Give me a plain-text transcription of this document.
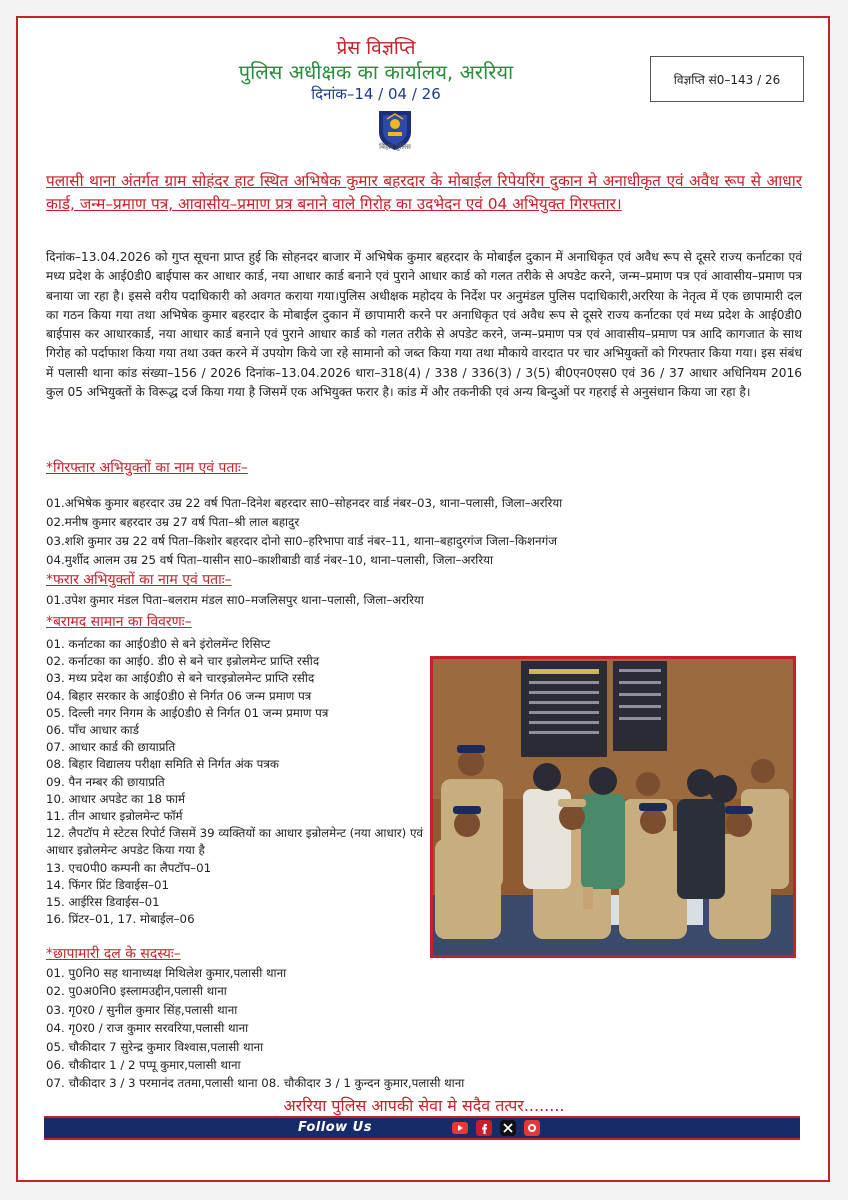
प्रेस विज्ञप्ति
पुलिस अधीक्षक का कार्यालय, अररिया
दिनांक–14 / 04 / 26
विज्ञप्ति सं0–143 / 26
बिहार पुलिस
पलासी थाना अंतर्गत ग्राम सोहंदर हाट स्थित अभिषेक कुमार बहरदार के मोबाईल रिपेयरिंग दुकान मे अनाधीकृत एवं अवैध रूप से आधार कार्ड, जन्म–प्रमाण पत्र, आवासीय–प्रमाण प्रत्र बनाने वाले गिरोह का उदभेदन एवं 04 अभियुक्त गिरफ्तार।
दिनांक–13.04.2026 को गुप्त सूचना प्राप्त हुई कि सोहनदर बाजार में अभिषेक कुमार बहरदार के मोबाईल दुकान में अनाधिकृत एवं अवैध रूप से दूसरे राज्य कर्नाटका एवं मध्य प्रदेश के आई0डी0 बाईपास कर आधार कार्ड, नया आधार कार्ड बनाने एवं पुराने आधार कार्ड को गलत तरीके से अपडेट करने, जन्म–प्रमाण पत्र एवं आवासीय–प्रमाण पत्र बनाया जा रहा है। इससे वरीय पदाधिकारी को अवगत कराया गया।पुलिस अधीक्षक महोदय के निर्देश पर अनुमंडल पुलिस पदाधिकारी,अररिया के नेतृत्व में एक छापामारी दल का गठन किया गया तथा अभिषेक कुमार बहरदार के मोबाईल दुकान में छापामारी करने पर अनाधिकृत एवं अवैध रूप से दूसरे राज्य कर्नाटका एवं मध्य प्रदेश के आई0डी0 बाईपास कर आधारकार्ड, नया आधार कार्ड बनाने एवं पुराने आधार कार्ड को गलत तरीके से अपडेट करने, जन्म–प्रमाण पत्र एवं आवासीय–प्रमाण पत्र आदि कागजात के साथ गिरोह को पर्दाफाश किया गया तथा उक्त करने में उपयोग किये जा रहे सामानो को जब्त किया गया तथा मौकाये वारदात पर चार अभियुक्तों को गिरफ्तार किया गया। इस संबंध में पलासी थाना कांड संख्या–156 / 2026 दिनांक–13.04.2026 धारा–318(4) / 338 / 336(3) / 3(5) बी0एन0एस0 एवं 36 / 37 आधार अधिनियम 2016 कुल 05 अभियुक्तों के विरूद्ध दर्ज किया गया है जिसमें एक अभियुक्त फरार है। कांड में और तकनीकी एवं अन्य बिन्दुओं पर गहराई से अनुसंधान किया जा रहा है।
*गिरफ्तार अभियुक्तों का नाम एवं पताः–
01.अभिषेक कुमार बहरदार उम्र 22 वर्ष पिता–दिनेश बहरदार सा0–सोहनदर वार्ड नंबर–03, थाना–पलासी, जिला–अररिया
02.मनीष कुमार बहरदार उम्र 27 वर्ष पिता–श्री लाल बहादुर
03.शशि कुमार उम्र 22 वर्ष पिता–किशोर बहरदार दोनो सा0–हरिभापा वार्ड नंबर–11, थाना–बहादुरगंज जिला–किशनगंज
04.मुर्शीद आलम उम्र 25 वर्ष पिता–यासीन सा0–काशीबाडी वार्ड नंबर–10, थाना–पलासी, जिला–अररिया
*फरार अभियुक्तों का नाम एवं पताः–
01.उपेश कुमार मंडल पिता–बलराम मंडल सा0–मजलिसपुर थाना–पलासी, जिला–अररिया
*बरामद सामान का विवरणः–
01. कर्नाटका का आई0डी0 से बने इंरोलमेंन्ट रिसिप्ट
02. कर्नाटका का आई0. डी0 से बने चार इन्रोलमेन्ट प्राप्ति रसीद
03. मध्य प्रदेश का आई0डी0 से बने चारइन्रोलमेन्ट प्राप्ति रसीद
04. बिहार सरकार के आई0डी0 से निर्गत 06 जन्म प्रमाण पत्र
05. दिल्ली नगर निगम के आई0डी0 से निर्गत 01 जन्म प्रमाण पत्र
06. पाँच आधार कार्ड
07. आधार कार्ड की छायाप्रति
08. बिहार विद्यालय परीक्षा समिति से निर्गत अंक पत्रक
09. पैन नम्बर की छायाप्रति
10. आधार अपडेट का 18 फार्म
11. तीन आधार इन्रोलमेन्ट फॉर्म
12. लैपटॉप मे स्टेटस रिपोर्ट जिसमें 39 व्यक्तियों का आधार इन्रोलमेन्ट (नया आधार) एवं आधार इन्रोलमेन्ट अपडेट किया गया है
13. एच0पी0 कम्पनी का लैपटॉप–01
14. फिंगर प्रिंट डिवाईस–01
15. आईरिस डिवाईस–01
16. प्रिंटर–01, 17. मोबाईल–06
*छापामारी दल के सदस्यः–
01. पु0नि0 सह थानाध्यक्ष मिथिलेश कुमार,पलासी थाना
02. पु0अ0नि0 इस्लामउद्दीन,पलासी थाना
03. गृ0र0 / सुनील कुमार सिंह,पलासी थाना
04. गृ0र0 / राज कुमार सरवरिया,पलासी थाना
05. चौकीदार 7 सुरेन्द्र कुमार विश्वास,पलासी थाना
06. चौकीदार 1 / 2 पप्पू कुमार,पलासी थाना
07. चौकीदार 3 / 3 परमानंद ततमा,पलासी थाना 08. चौकीदार 3 / 1 कुन्दन कुमार,पलासी थाना
अररिया पुलिस आपकी सेवा मे सदैव तत्पर........
Follow Us
